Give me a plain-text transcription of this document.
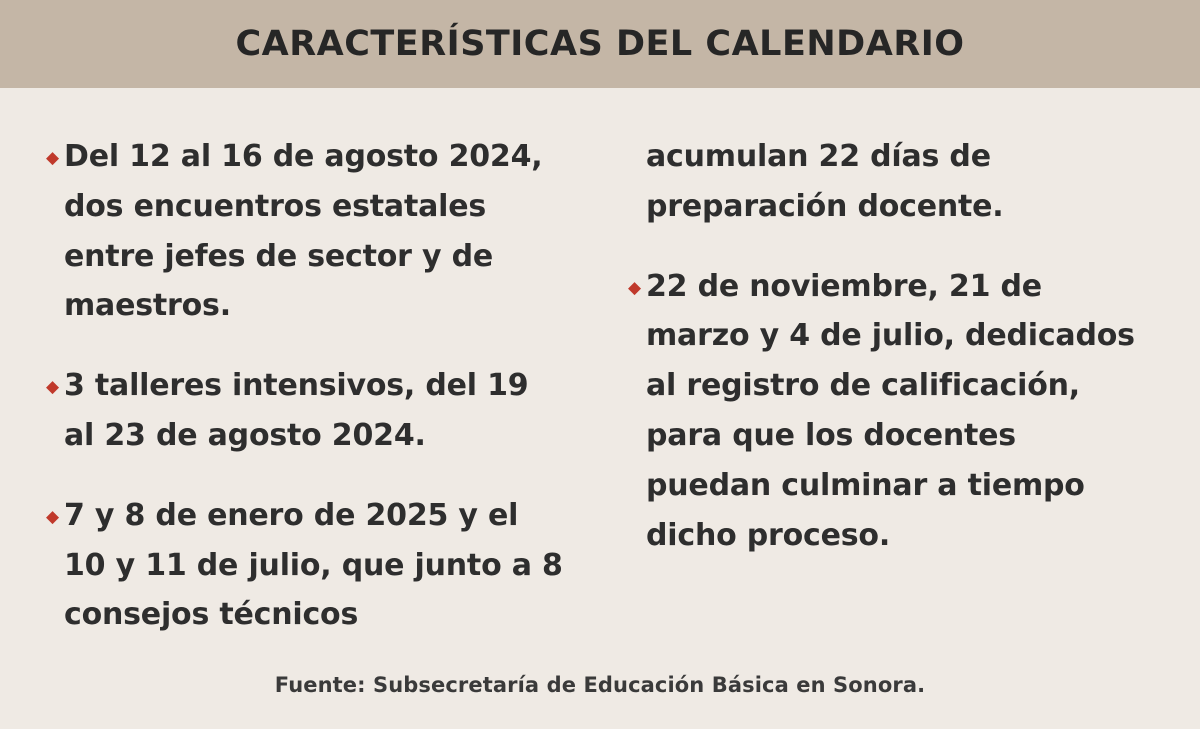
CARACTERÍSTICAS DEL CALENDARIO
◆ Del 12 al 16 de agosto 2024, dos encuentros estatales entre jefes de sector y de maestros.
◆ 3 talleres intensivos, del 19 al 23 de agosto 2024.
◆ 7 y 8 de enero de 2025 y el 10 y 11 de julio, que junto a 8 consejos técnicos
acumulan 22 días de preparación docente.
◆ 22 de noviembre, 21 de marzo y 4 de julio, dedicados al registro de calificación, para que los docentes puedan culminar a tiempo dicho proceso.
Fuente: Subsecretaría de Educación Básica en Sonora.
